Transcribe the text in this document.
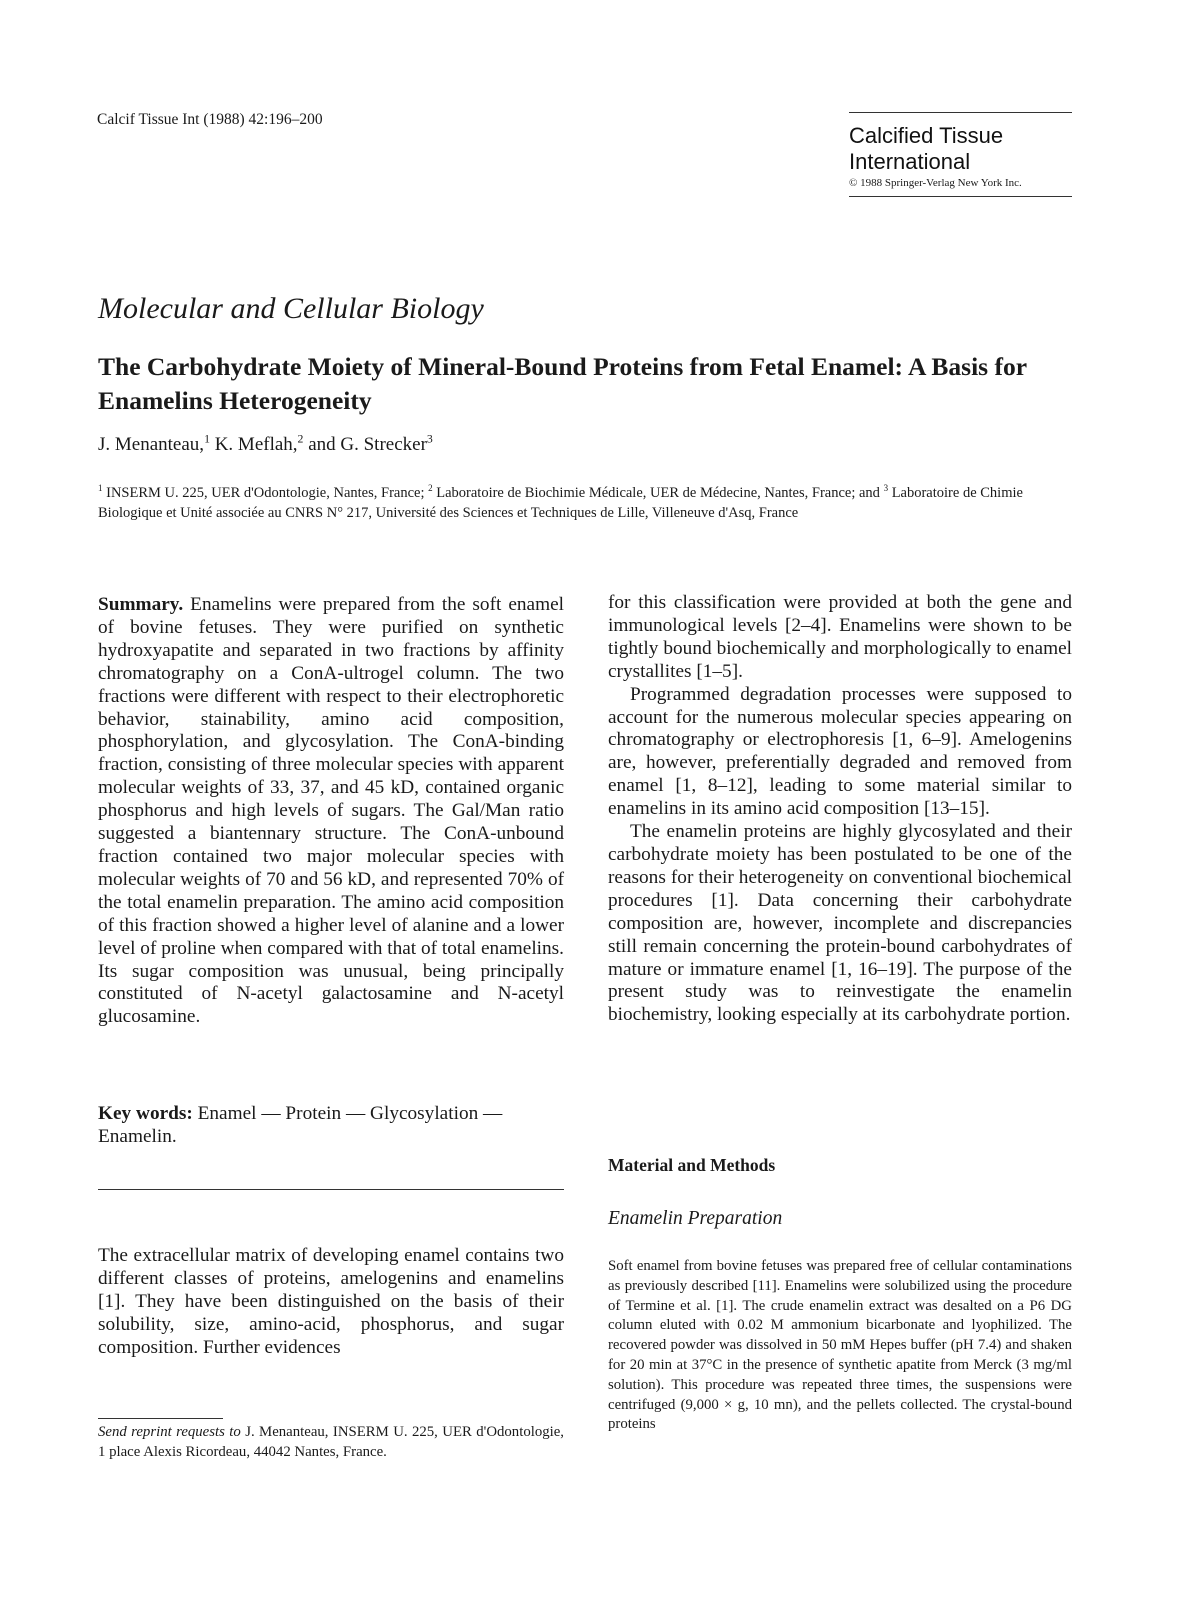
Calcif Tissue Int (1988) 42:196–200
Calcified Tissue
International
© 1988 Springer-Verlag New York Inc.
Molecular and Cellular Biology
The Carbohydrate Moiety of Mineral-Bound Proteins from Fetal Enamel: A Basis for Enamelins Heterogeneity
J. Menanteau,$^1$ K. Meflah,$^2$ and G. Strecker$^3$
$^1$ INSERM U. 225, UER d'Odontologie, Nantes, France; $^2$ Laboratoire de Biochimie Médicale, UER de Médecine, Nantes, France; and $^3$ Laboratoire de Chimie Biologique et Unité associée au CNRS N° 217, Université des Sciences et Techniques de Lille, Villeneuve d'Asq, France
Summary. Enamelins were prepared from the soft enamel of bovine fetuses. They were purified on synthetic hydroxyapatite and separated in two fractions by affinity chromatography on a ConA-ultrogel column. The two fractions were different with respect to their electrophoretic behavior, stainability, amino acid composition, phosphorylation, and glycosylation. The ConA-binding fraction, consisting of three molecular species with apparent molecular weights of 33, 37, and 45 kD, contained organic phosphorus and high levels of sugars. The Gal/Man ratio suggested a biantennary structure. The ConA-unbound fraction contained two major molecular species with molecular weights of 70 and 56 kD, and represented 70% of the total enamelin preparation. The amino acid composition of this fraction showed a higher level of alanine and a lower level of proline when compared with that of total enamelins. Its sugar composition was unusual, being principally constituted of N-acetyl galactosamine and N-acetyl glucosamine.
Key words: Enamel — Protein — Glycosylation — Enamelin.
The extracellular matrix of developing enamel contains two different classes of proteins, amelogenins and enamelins [1]. They have been distinguished on the basis of their solubility, size, amino-acid, phosphorus, and sugar composition. Further evidences
Send reprint requests to J. Menanteau, INSERM U. 225, UER d'Odontologie, 1 place Alexis Ricordeau, 44042 Nantes, France.

for this classification were provided at both the gene and immunological levels [2–4]. Enamelins were shown to be tightly bound biochemically and morphologically to enamel crystallites [1–5].

Programmed degradation processes were supposed to account for the numerous molecular species appearing on chromatography or electrophoresis [1, 6–9]. Amelogenins are, however, preferentially degraded and removed from enamel [1, 8–12], leading to some material similar to enamelins in its amino acid composition [13–15].

The enamelin proteins are highly glycosylated and their carbohydrate moiety has been postulated to be one of the reasons for their heterogeneity on conventional biochemical procedures [1]. Data concerning their carbohydrate composition are, however, incomplete and discrepancies still remain concerning the protein-bound carbohydrates of mature or immature enamel [1, 16–19]. The purpose of the present study was to reinvestigate the enamelin biochemistry, looking especially at its carbohydrate portion.

Material and Methods
Enamelin Preparation
Soft enamel from bovine fetuses was prepared free of cellular contaminations as previously described [11]. Enamelins were solubilized using the procedure of Termine et al. [1]. The crude enamelin extract was desalted on a P6 DG column eluted with 0.02 M ammonium bicarbonate and lyophilized. The recovered powder was dissolved in 50 mM Hepes buffer (pH 7.4) and shaken for 20 min at 37°C in the presence of synthetic apatite from Merck (3 mg/ml solution). This procedure was repeated three times, the suspensions were centrifuged (9,000 × g, 10 mn), and the pellets collected. The crystal-bound proteins
